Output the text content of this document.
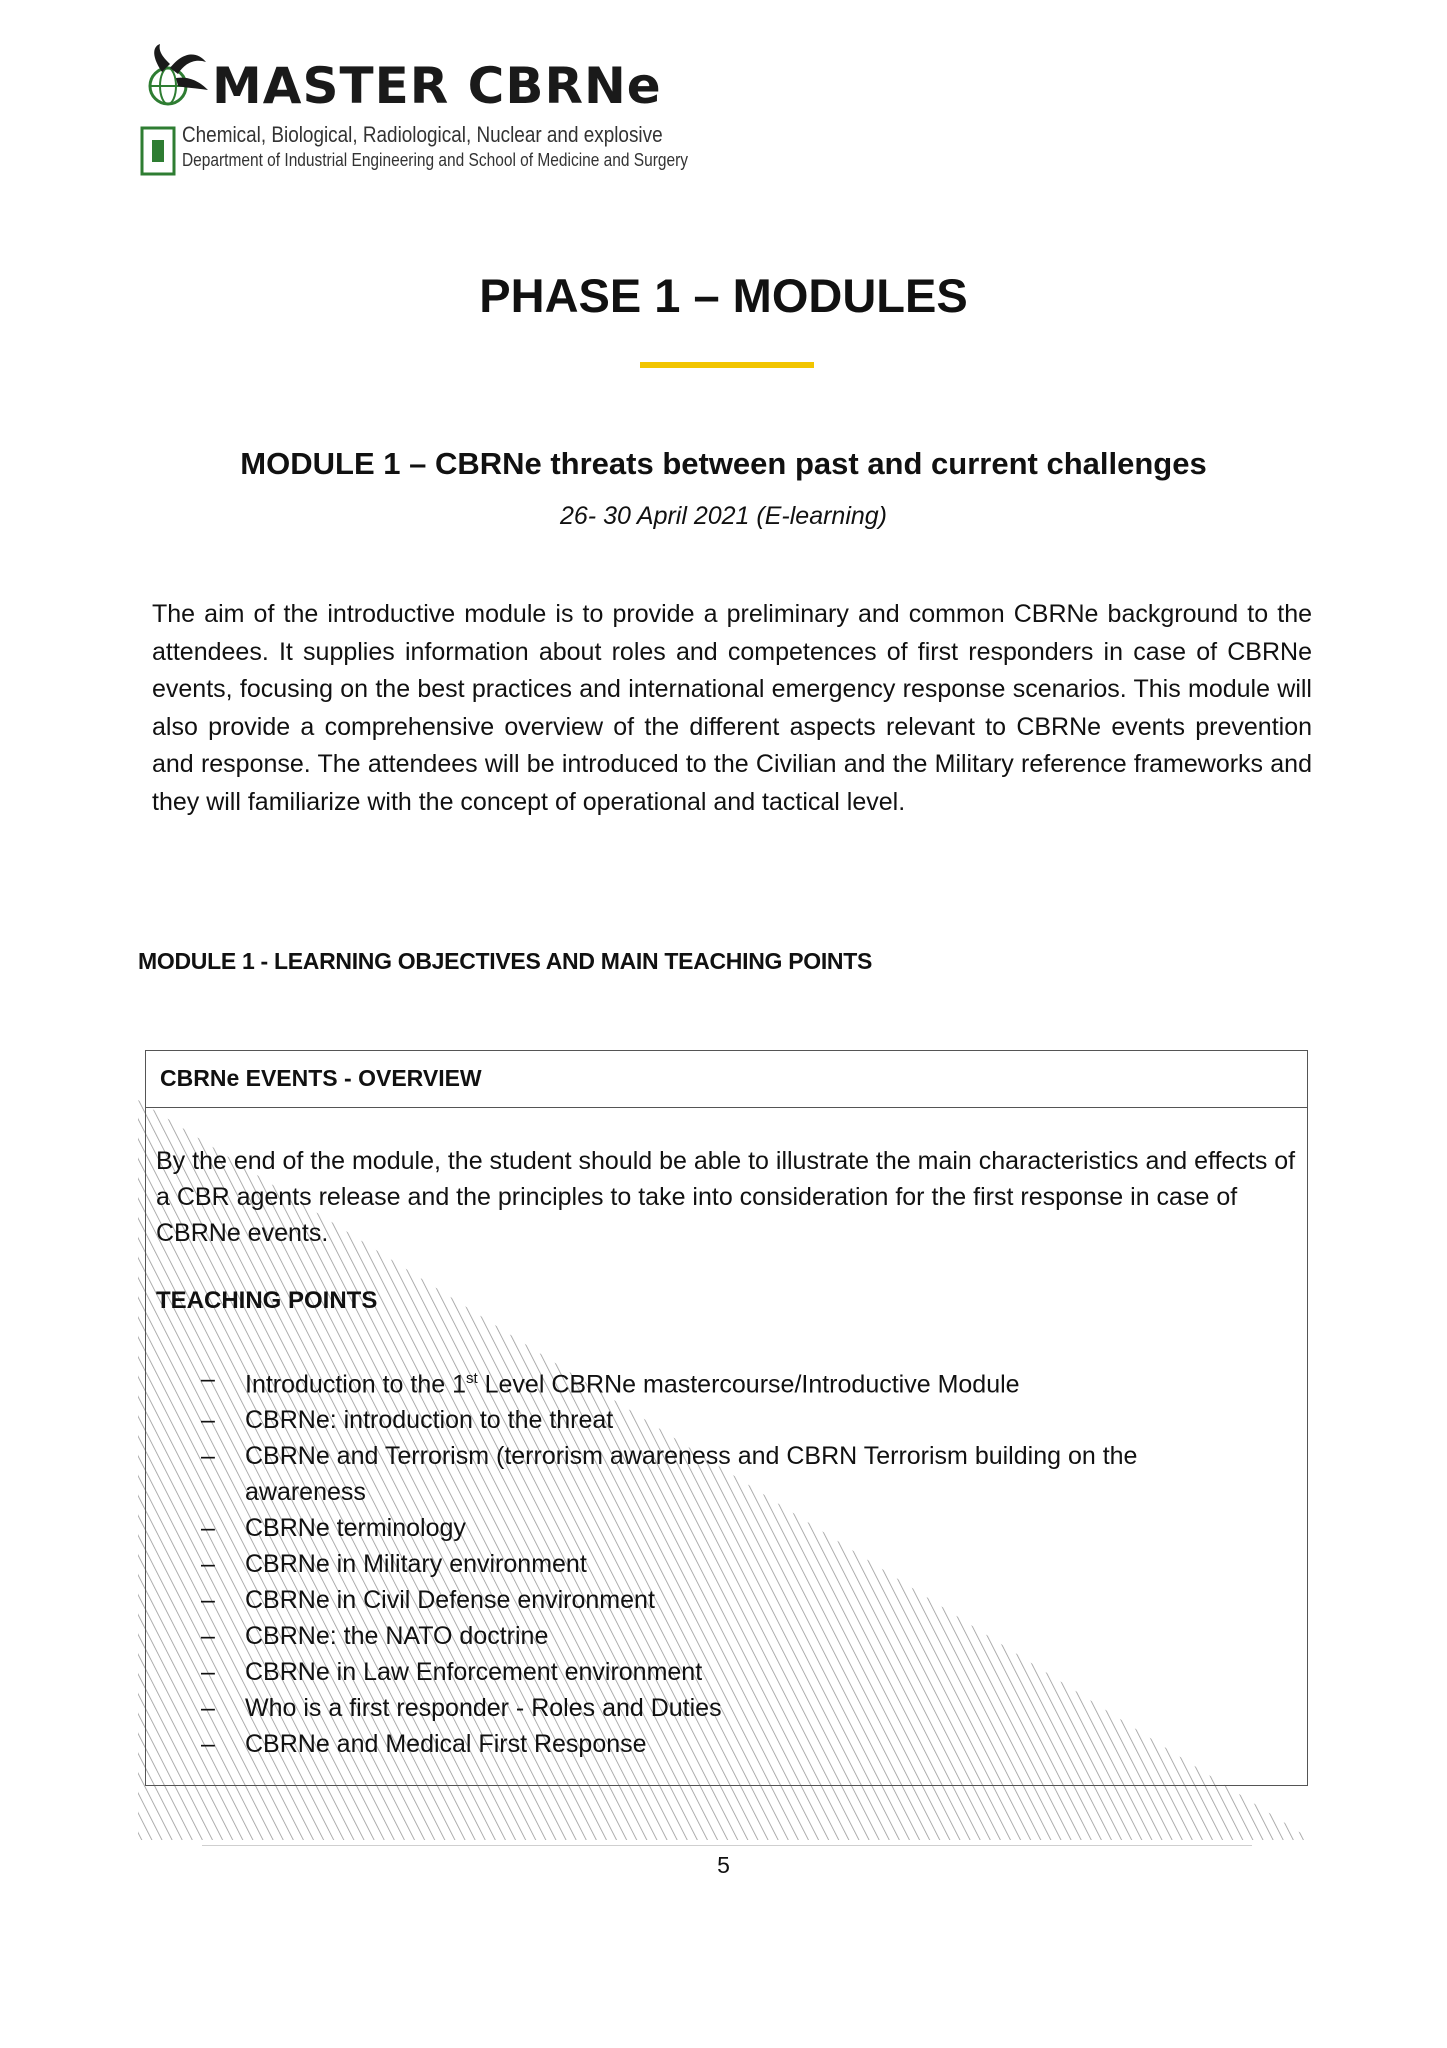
MASTER CBRNe
Chemical, Biological, Radiological, Nuclear and explosive
Department of Industrial Engineering and School of Medicine and Surgery
PHASE 1 – MODULES
MODULE 1 – CBRNe threats between past and current challenges
26- 30 April 2021 (E-learning)

The aim of the introductive module is to provide a preliminary and common CBRNe background to the attendees. It supplies information about roles and competences of first responders in case of CBRNe events, focusing on the best practices and international emergency response scenarios. This module will also provide a comprehensive overview of the different aspects relevant to CBRNe events prevention and response. The attendees will be introduced to the Civilian and the Military reference frameworks and they will familiarize with the concept of operational and tactical level.

MODULE 1 - LEARNING OBJECTIVES AND MAIN TEACHING POINTS
CBRNe EVENTS - OVERVIEW
By the end of the module, the student should be able to illustrate the main characteristics and effects of a CBR agents release and the principles to take into consideration for the first response in case of CBRNe events.
TEACHING POINTS
– Introduction to the 1st Level CBRNe mastercourse/Introductive Module
– CBRNe: introduction to the threat
– CBRNe and Terrorism (terrorism awareness and CBRN Terrorism building on the awareness
– CBRNe terminology
– CBRNe in Military environment
– CBRNe in Civil Defense environment
– CBRNe: the NATO doctrine
– CBRNe in Law Enforcement environment
– Who is a first responder - Roles and Duties
– CBRNe and Medical First Response
5
